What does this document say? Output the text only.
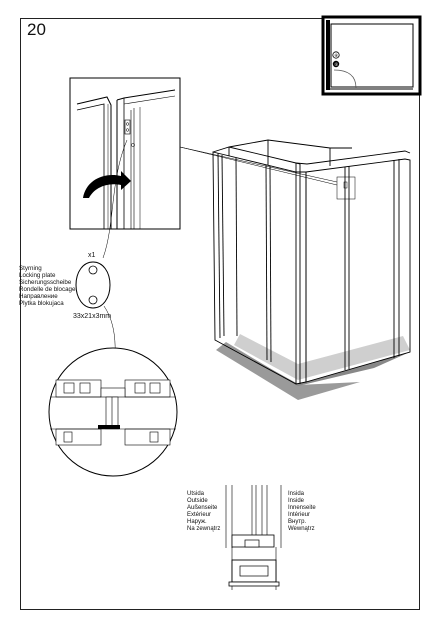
20
⑧
⑨
Styrning
Locking plate
Sicherungsscheibe
Rondelle de blocage
Направление
Plytka blokujaca
x1
33x21x3mm
Utsida
Outside
Außenseite
Extérieur
Наруж.
Na zewnątrz
Insida
Inside
Innenseite
Intérieur
Внутр.
Wewnątrz
